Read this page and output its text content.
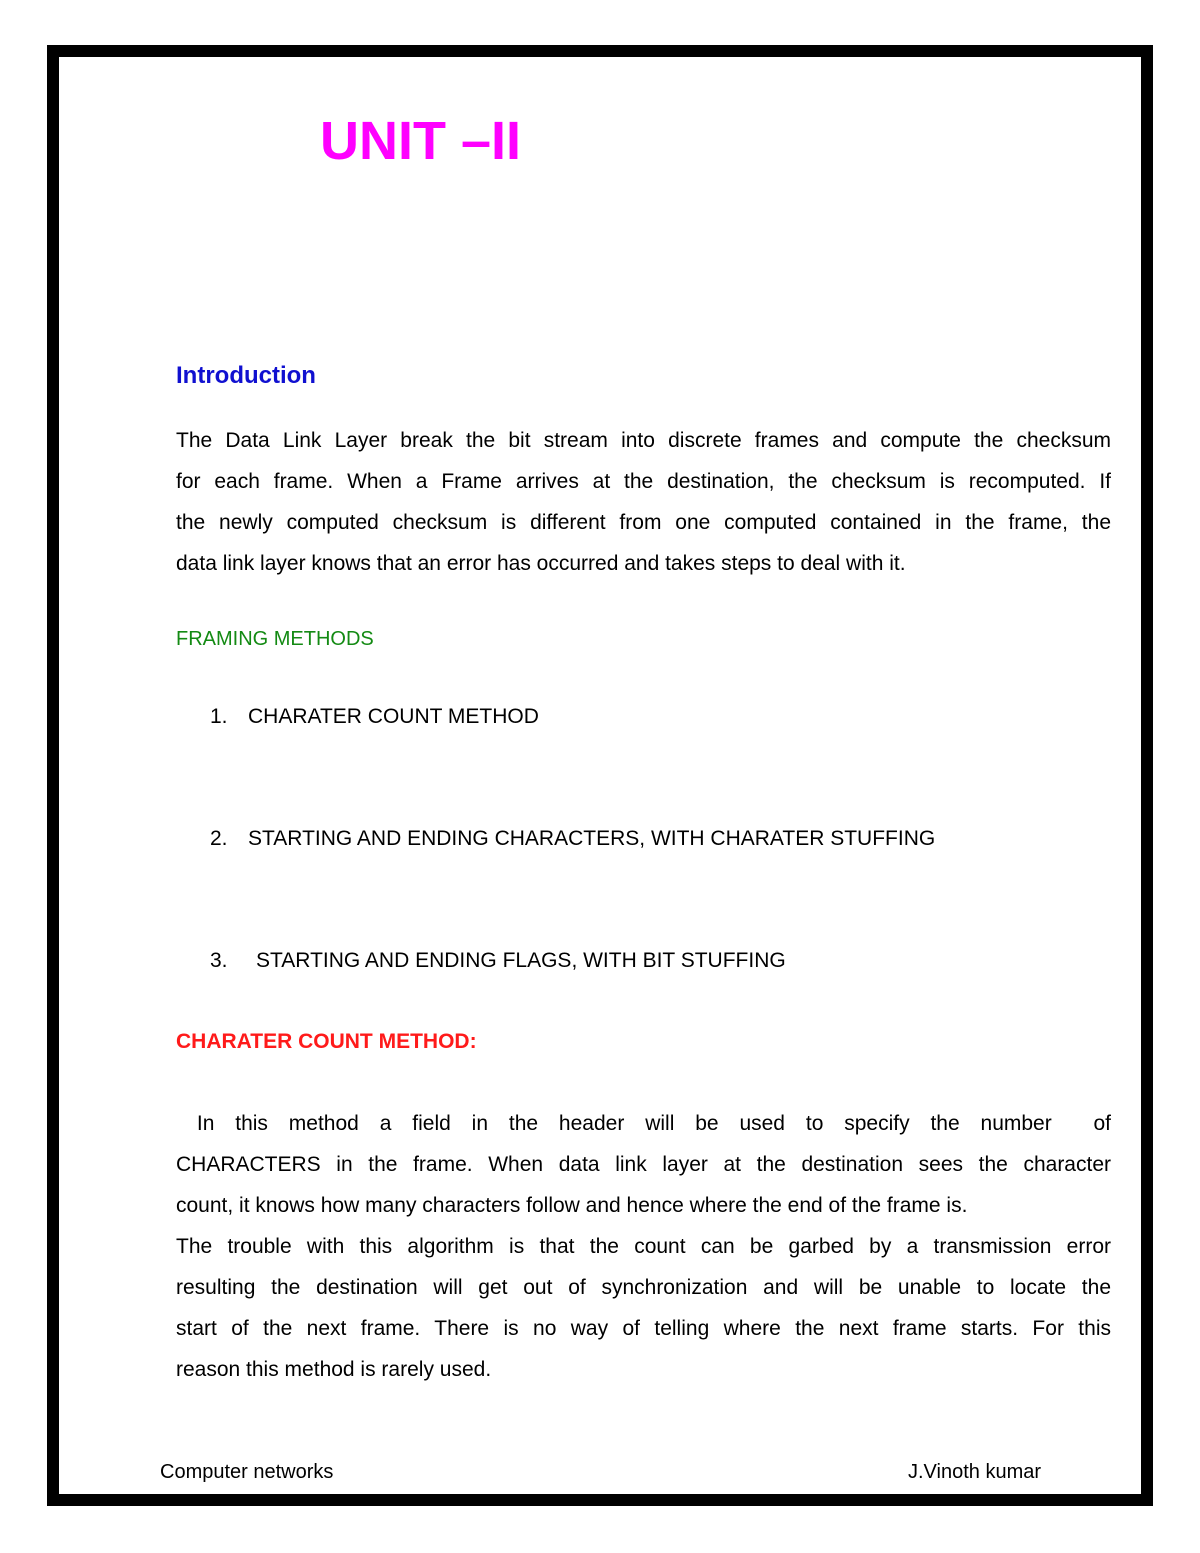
UNIT –II
Introduction
The Data Link Layer break the bit stream into discrete frames and compute the checksum
for each frame. When a Frame arrives at the destination, the checksum is recomputed. If
the newly computed checksum is different from one computed contained in the frame, the
data link layer knows that an error has occurred and takes steps to deal with it.
FRAMING METHODS
1. CHARATER COUNT METHOD
2. STARTING AND ENDING CHARACTERS, WITH CHARATER STUFFING
3. STARTING AND ENDING FLAGS, WITH BIT STUFFING
CHARATER COUNT METHOD:
In this method a field in the header will be used to specify the number  of
CHARACTERS in the frame. When data link layer at the destination sees the character
count, it knows how many characters follow and hence where the end of the frame is.
The trouble with this algorithm is that the count can be garbed by a transmission error
resulting the destination will get out of synchronization and will be unable to locate the
start of the next frame. There is no way of telling where the next frame starts. For this
reason this method is rarely used.
Computer networks	J.Vinoth kumar
